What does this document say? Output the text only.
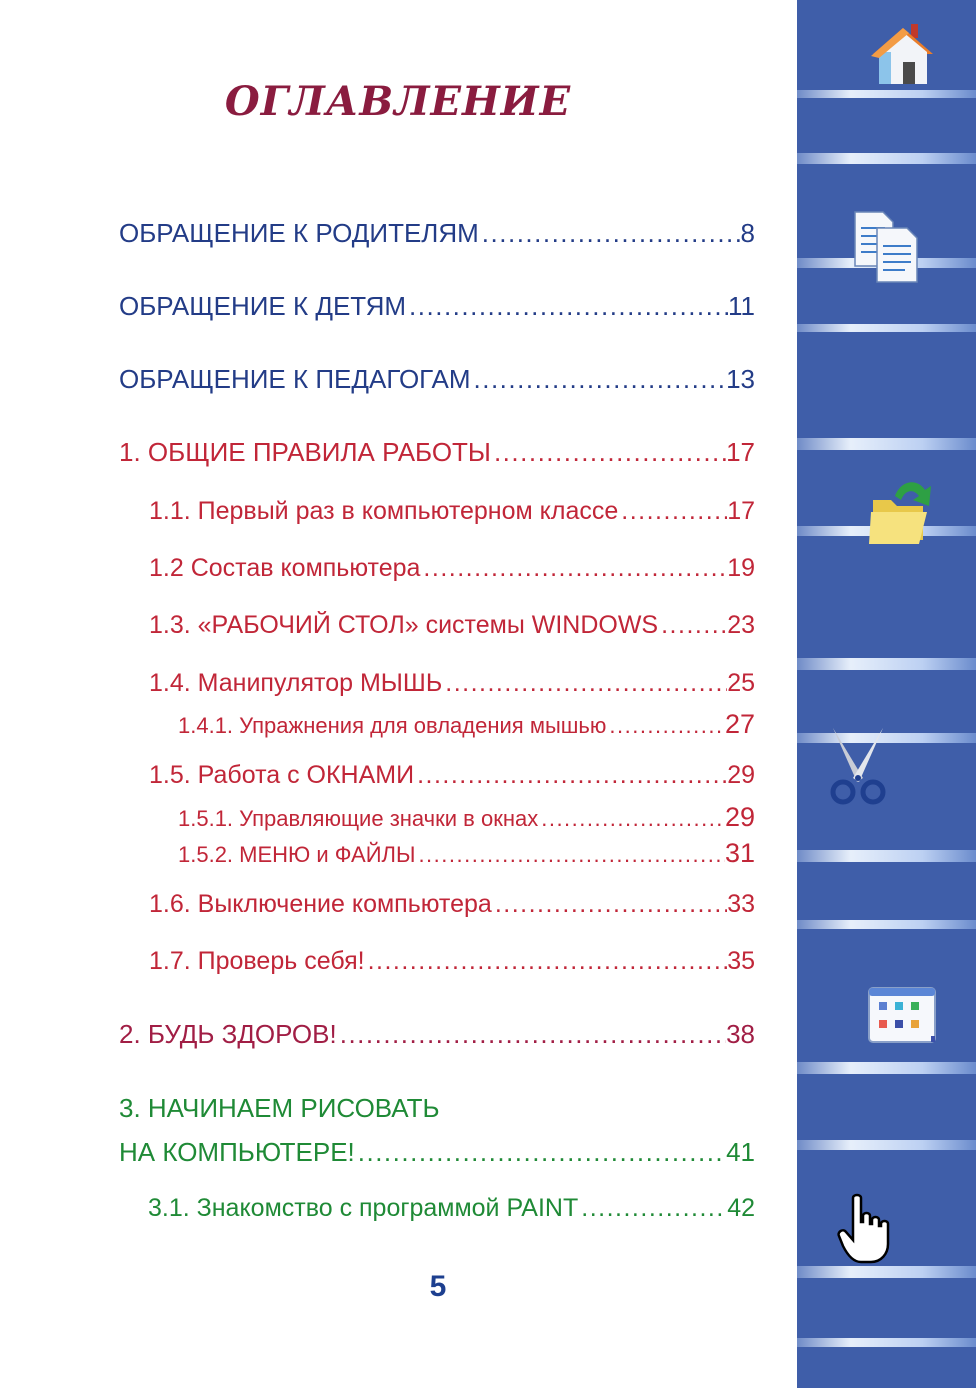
ОГЛАВЛЕНИЕ
ОБРАЩЕНИЕ К РОДИТЕЛЯМ .....	8
ОБРАЩЕНИЕ К ДЕТЯМ .....	11
ОБРАЩЕНИЕ К ПЕДАГОГАМ .....	13
1. ОБЩИЕ ПРАВИЛА РАБОТЫ .....	17
1.1. Первый раз в компьютерном классе .....	17
1.2 Состав компьютера .....	19
1.3. «РАБОЧИЙ СТОЛ» системы WINDOWS .....	23
1.4. Манипулятор МЫШЬ .....	25
1.4.1. Упражнения для овладения мышью .....	27
1.5. Работа с ОКНАМИ .....	29
1.5.1. Управляющие значки в окнах .....	29
1.5.2. МЕНЮ и ФАЙЛЫ .....	31
1.6. Выключение компьютера .....	33
1.7. Проверь себя! .....	35
2. БУДЬ ЗДОРОВ! .....	38
3. НАЧИНАЕМ РИСОВАТЬ
НА КОМПЬЮТЕРЕ! .....	41
3.1. Знакомство с программой PAINT .....	42
5
